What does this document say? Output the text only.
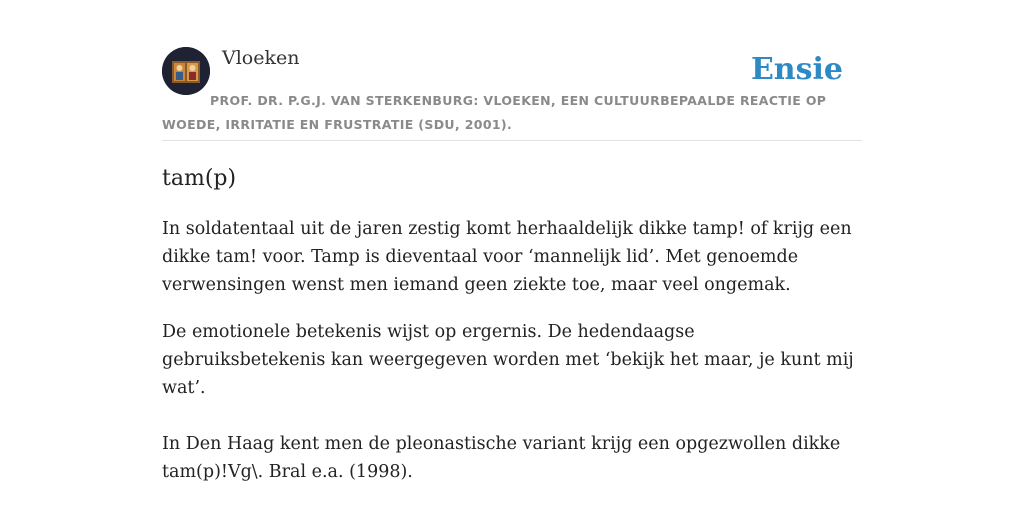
Vloeken	Ensie
PROF. DR. P.G.J. VAN STERKENBURG: VLOEKEN, EEN CULTUURBEPAALDE REACTIE OP WOEDE, IRRITATIE EN FRUSTRATIE (SDU, 2001).
tam(p)

In soldatentaal uit de jaren zestig komt herhaaldelijk dikke tamp! of krijg een dikke tam! voor. Tamp is dieventaal voor ‘mannelijk lid’. Met genoemde verwensingen wenst men iemand geen ziekte toe, maar veel ongemak.

De emotionele betekenis wijst op ergernis. De hedendaagse gebruiksbetekenis kan weergegeven worden met ‘bekijk het maar, je kunt mij wat’.

In Den Haag kent men de pleonastische variant krijg een opgezwollen dikke tam(p)!Vg\. Bral e.a. (1998).
